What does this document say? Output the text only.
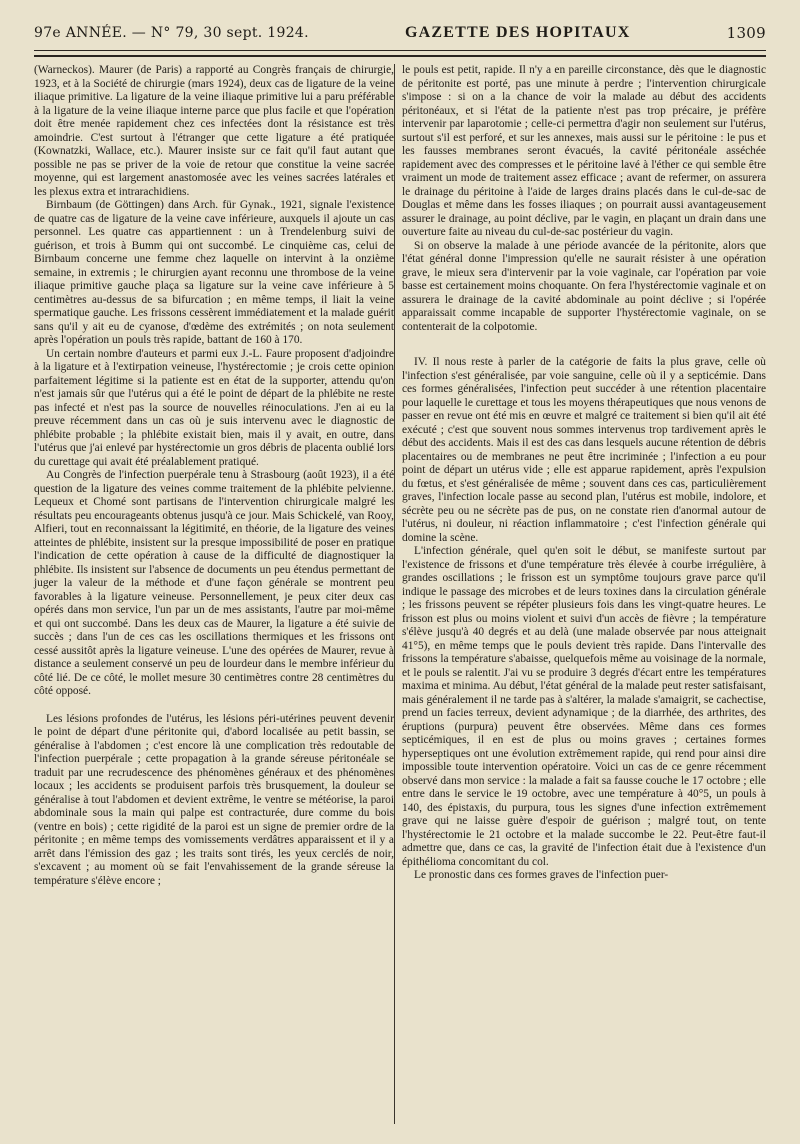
97e ANNÉE. — N° 79, 30 sept. 1924.	GAZETTE DES HOPITAUX	1309

(Warneckos). Maurer (de Paris) a rapporté au Congrès français de chirurgie, 1923, et à la Société de chirurgie (mars 1924), deux cas de ligature de la veine iliaque primitive. La ligature de la veine iliaque primitive lui a paru préférable à la ligature de la veine iliaque interne parce que plus facile et que l'opération doit être menée rapidement chez ces infectées dont la résistance est très amoindrie. C'est surtout à l'étranger que cette ligature a été pratiquée (Kownatzki, Wallace, etc.). Maurer insiste sur ce fait qu'il faut autant que possible ne pas se priver de la voie de retour que constitue la veine sacrée moyenne, qui est largement anastomosée avec les veines sacrées latérales et les plexus extra et intrarachidiens.

Birnbaum (de Göttingen) dans Arch. für Gynak., 1921, signale l'existence de quatre cas de ligature de la veine cave inférieure, auxquels il ajoute un cas personnel. Les quatre cas appartiennent : un à Trendelenburg suivi de guérison, et trois à Bumm qui ont succombé. Le cinquième cas, celui de Birnbaum concerne une femme chez laquelle on intervint à la onzième semaine, in extremis ; le chirurgien ayant reconnu une thrombose de la veine iliaque primitive gauche plaça sa ligature sur la veine cave inférieure à 5 centimètres au-dessus de sa bifurcation ; en même temps, il liait la veine spermatique gauche. Les frissons cessèrent immédiatement et la malade guérit sans qu'il y ait eu de cyanose, d'œdème des extrémités ; on nota seulement après l'opération un pouls très rapide, battant de 160 à 170.

Un certain nombre d'auteurs et parmi eux J.-L. Faure proposent d'adjoindre à la ligature et à l'extirpation veineuse, l'hystérectomie ; je crois cette opinion parfaitement légitime si la patiente est en état de la supporter, attendu qu'on n'est jamais sûr que l'utérus qui a été le point de départ de la phlébite ne reste pas infecté et n'est pas la source de nouvelles réinoculations. J'en ai eu la preuve récemment dans un cas où je suis intervenu avec le diagnostic de phlébite probable ; la phlébite existait bien, mais il y avait, en outre, dans l'utérus que j'ai enlevé par hystérectomie un gros débris de placenta oublié lors du curettage qui avait été préalablement pratiqué.

Au Congrès de l'infection puerpérale tenu à Strasbourg (août 1923), il a été question de la ligature des veines comme traitement de la phlébite pelvienne. Lequeux et Chomé sont partisans de l'intervention chirurgicale malgré les résultats peu encourageants obtenus jusqu'à ce jour. Mais Schickelé, van Rooy, Alfieri, tout en reconnaissant la légitimité, en théorie, de la ligature des veines atteintes de phlébite, insistent sur la presque impossibilité de poser en pratique l'indication de cette opération à cause de la difficulté de diagnostiquer la phlébite. Ils insistent sur l'absence de documents un peu étendus permettant de juger la valeur de la méthode et d'une façon générale se montrent peu favorables à la ligature veineuse. Personnellement, je peux citer deux cas opérés dans mon service, l'un par un de mes assistants, l'autre par moi-même et qui ont succombé. Dans les deux cas de Maurer, la ligature a été suivie de succès ; dans l'un de ces cas les oscillations thermiques et les frissons ont cessé aussitôt après la ligature veineuse. L'une des opérées de Maurer, revue à distance a seulement conservé un peu de lourdeur dans le membre inférieur du côté lié. De ce côté, le mollet mesure 30 centimètres contre 28 centimètres du côté opposé.

Les lésions profondes de l'utérus, les lésions péri-utérines peuvent devenir le point de départ d'une péritonite qui, d'abord localisée au petit bassin, se généralise à l'abdomen ; c'est encore là une complication très redoutable de l'infection puerpérale ; cette propagation à la grande séreuse péritonéale se traduit par une recrudescence des phénomènes généraux et des phénomènes locaux ; les accidents se produisent parfois très brusquement, la douleur se généralise à tout l'abdomen et devient extrême, le ventre se météorise, la paroi abdominale sous la main qui palpe est contracturée, dure comme du bois (ventre en bois) ; cette rigidité de la paroi est un signe de premier ordre de la péritonite ; en même temps des vomissements verdâtres apparaissent et il y a arrêt dans l'émission des gaz ; les traits sont tirés, les yeux cerclés de noir, s'excavent ; au moment où se fait l'envahissement de la grande séreuse la température s'élève encore ;

le pouls est petit, rapide. Il n'y a en pareille circonstance, dès que le diagnostic de péritonite est porté, pas une minute à perdre ; l'intervention chirurgicale s'impose : si on a la chance de voir la malade au début des accidents péritonéaux, et si l'état de la patiente n'est pas trop précaire, je préfère intervenir par laparotomie ; celle-ci permettra d'agir non seulement sur l'utérus, surtout s'il est perforé, et sur les annexes, mais aussi sur le péritoine : le pus et les fausses membranes seront évacués, la cavité péritonéale asséchée rapidement avec des compresses et le péritoine lavé à l'éther ce qui semble être vraiment un mode de traitement assez efficace ; avant de refermer, on assurera le drainage du péritoine à l'aide de larges drains placés dans le cul-de-sac de Douglas et même dans les fosses iliaques ; on pourrait aussi avantageusement assurer le drainage, au point déclive, par le vagin, en plaçant un drain dans une ouverture faite au niveau du cul-de-sac postérieur du vagin.

Si on observe la malade à une période avancée de la péritonite, alors que l'état général donne l'impression qu'elle ne saurait résister à une opération grave, le mieux sera d'intervenir par la voie vaginale, car l'opération par voie basse est certainement moins choquante. On fera l'hystérectomie vaginale et on assurera le drainage de la cavité abdominale au point déclive ; si l'opérée apparaissait comme incapable de supporter l'hystérectomie vaginale, on se contenterait de la colpotomie.

IV. Il nous reste à parler de la catégorie de faits la plus grave, celle où l'infection s'est généralisée, par voie sanguine, celle où il y a septicémie. Dans ces formes généralisées, l'infection peut succéder à une rétention placentaire pour laquelle le curettage et tous les moyens thérapeutiques que nous venons de passer en revue ont été mis en œuvre et malgré ce traitement si bien qu'il ait été exécuté ; c'est que souvent nous sommes intervenus trop tardivement après le début des accidents. Mais il est des cas dans lesquels aucune rétention de débris placentaires ou de membranes ne peut être incriminée ; l'infection a eu pour point de départ un utérus vide ; elle est apparue rapidement, après l'expulsion du fœtus, et s'est généralisée de même ; souvent dans ces cas, particulièrement graves, l'infection locale passe au second plan, l'utérus est mobile, indolore, et sécrète peu ou ne sécrète pas de pus, on ne constate rien d'anormal autour de l'utérus, ni douleur, ni réaction inflammatoire ; c'est l'infection générale qui domine la scène.

L'infection générale, quel qu'en soit le début, se manifeste surtout par l'existence de frissons et d'une température très élevée à courbe irrégulière, à grandes oscillations ; le frisson est un symptôme toujours grave parce qu'il indique le passage des microbes et de leurs toxines dans la circulation générale ; les frissons peuvent se répéter plusieurs fois dans les vingt-quatre heures. Le frisson est plus ou moins violent et suivi d'un accès de fièvre ; la température s'élève jusqu'à 40 degrés et au delà (une malade observée par nous atteignait 41°5), en même temps que le pouls devient très rapide. Dans l'intervalle des frissons la température s'abaisse, quelquefois même au voisinage de la normale, et le pouls se ralentit. J'ai vu se produire 3 degrés d'écart entre les températures maxima et minima. Au début, l'état général de la malade peut rester satisfaisant, mais généralement il ne tarde pas à s'altérer, la malade s'amaigrit, se cachectise, prend un facies terreux, devient adynamique ; de la diarrhée, des arthrites, des éruptions (purpura) peuvent être observées. Même dans ces formes septicémiques, il en est de plus ou moins graves ; certaines formes hyperseptiques ont une évolution extrêmement rapide, qui rend pour ainsi dire impossible toute intervention opératoire. Voici un cas de ce genre récemment observé dans mon service : la malade a fait sa fausse couche le 17 octobre ; elle entre dans le service le 19 octobre, avec une température à 40°5, un pouls à 140, des épistaxis, du purpura, tous les signes d'une infection extrêmement grave qui ne laisse guère d'espoir de guérison ; malgré tout, on tente l'hystérectomie le 21 octobre et la malade succombe le 22. Peut-être faut-il admettre que, dans ce cas, la gravité de l'infection était due à l'existence d'un épithélioma concomitant du col.

Le pronostic dans ces formes graves de l'infection puer-
